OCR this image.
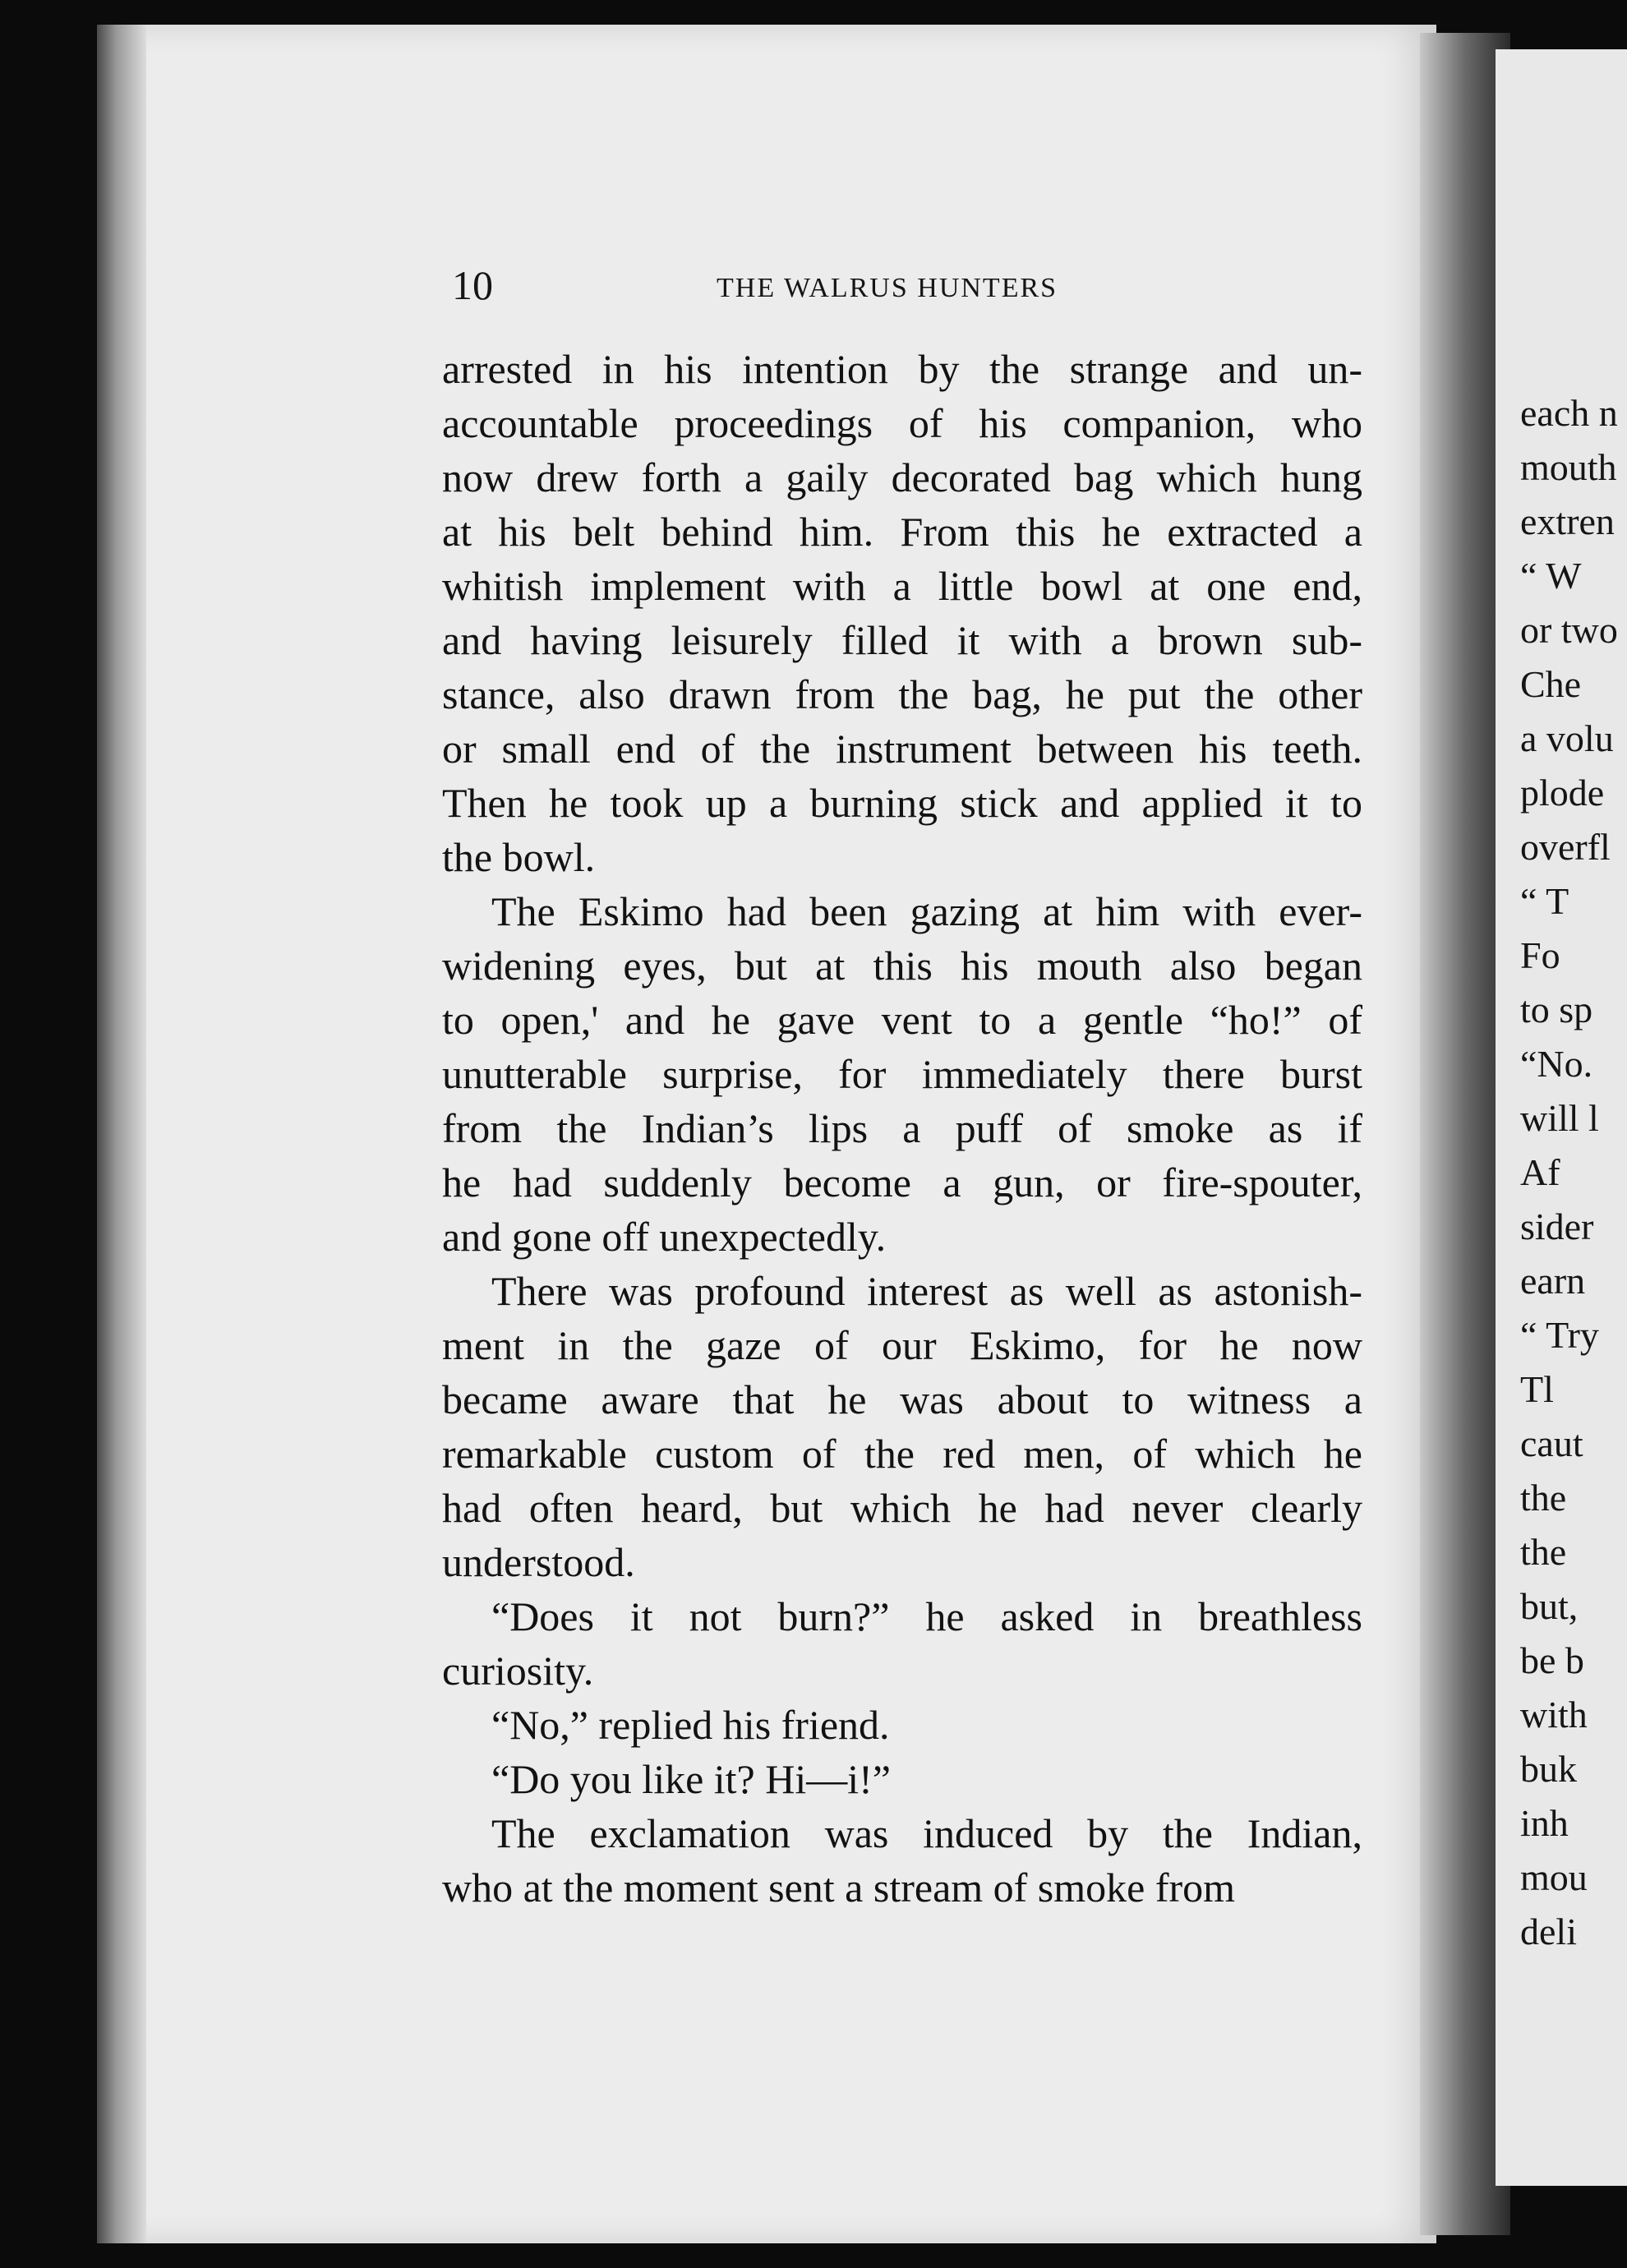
each n
mouth
extren
“ W
or two
Che
a volu
plode
overfl
“ T
Fo
to sp
“No.
will l
Af
sider
earn
“ Try
Tl
caut
the
the
but,
be b
with
buk
inh
mou
deli
10	THE WALRUS HUNTERS
arrested in his intention by the strange and un-
accountable proceedings of his companion, who
now drew forth a gaily decorated bag which hung
at his belt behind him. From this he extracted a
whitish implement with a little bowl at one end,
and having leisurely filled it with a brown sub-
stance, also drawn from the bag, he put the other
or small end of the instrument between his teeth.
Then he took up a burning stick and applied it to
the bowl.
The Eskimo had been gazing at him with ever-
widening eyes, but at this his mouth also began
to open,' and he gave vent to a gentle “ho!” of
unutterable surprise, for immediately there burst
from the Indian’s lips a puff of smoke as if
he had suddenly become a gun, or fire-spouter,
and gone off unexpectedly.
There was profound interest as well as astonish-
ment in the gaze of our Eskimo, for he now
became aware that he was about to witness a
remarkable custom of the red men, of which he
had often heard, but which he had never clearly
understood.
“Does it not burn?” he asked in breathless
curiosity.
“No,” replied his friend.
“Do you like it? Hi—i!”
The exclamation was induced by the Indian,
who at the moment sent a stream of smoke from
